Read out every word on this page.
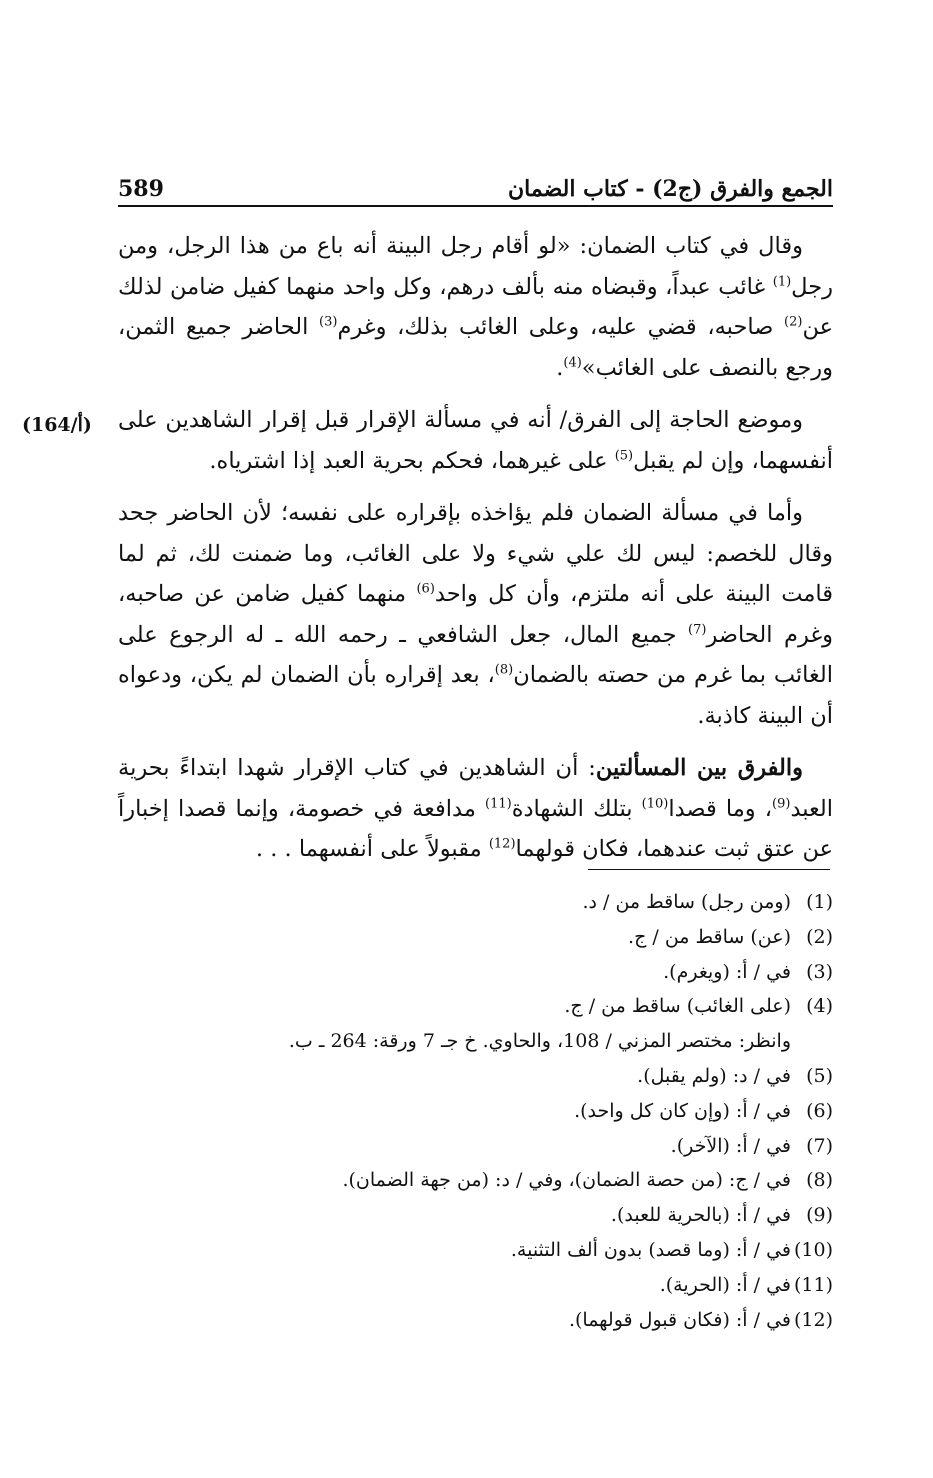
589	الجمع والفرق (ج2) - كتاب الضمان
(164/أ)

وقال في كتاب الضمان: «لو أقام رجل البينة أنه باع من هذا الرجل، ومن رجل$^{(1)}$ غائب عبداً، وقبضاه منه بألف درهم، وكل واحد منهما كفيل ضامن لذلك عن$^{(2)}$ صاحبه، قضي عليه، وعلى الغائب بذلك، وغرم$^{(3)}$ الحاضر جميع الثمن، ورجع بالنصف على الغائب»$^{(4)}$.

وموضع الحاجة إلى الفرق/ أنه في مسألة الإقرار قبل إقرار الشاهدين على أنفسهما، وإن لم يقبل$^{(5)}$ على غيرهما، فحكم بحرية العبد إذا اشترياه.

وأما في مسألة الضمان فلم يؤاخذه بإقراره على نفسه؛ لأن الحاضر جحد وقال للخصم: ليس لك علي شيء ولا على الغائب، وما ضمنت لك، ثم لما قامت البينة على أنه ملتزم، وأن كل واحد$^{(6)}$ منهما كفيل ضامن عن صاحبه، وغرم الحاضر$^{(7)}$ جميع المال، جعل الشافعي ـ رحمه الله ـ له الرجوع على الغائب بما غرم من حصته بالضمان$^{(8)}$، بعد إقراره بأن الضمان لم يكن، ودعواه أن البينة كاذبة.

والفرق بين المسألتين: أن الشاهدين في كتاب الإقرار شهدا ابتداءً بحرية العبد$^{(9)}$، وما قصدا$^{(10)}$ بتلك الشهادة$^{(11)}$ مدافعة في خصومة، وإنما قصدا إخباراً عن عتق ثبت عندهما، فكان قولهما$^{(12)}$ مقبولاً على أنفسهما . . .

(1)
(ومن رجل) ساقط من / د.
(2)
(عن) ساقط من / ج.
(3)
في / أ: (ويغرم).
(4)
(على الغائب) ساقط من / ج.
وانظر: مختصر المزني / 108، والحاوي. خ جـ 7 ورقة: 264 ـ ب.
(5)
في / د: (ولم يقبل).
(6)
في / أ: (وإن كان كل واحد).
(7)
في / أ: (الآخر).
(8)
في / ج: (من حصة الضمان)، وفي / د: (من جهة الضمان).
(9)
في / أ: (بالحرية للعبد).
(10)
في / أ: (وما قصد) بدون ألف التثنية.
(11)
في / أ: (الحرية).
(12)
في / أ: (فكان قبول قولهما).
